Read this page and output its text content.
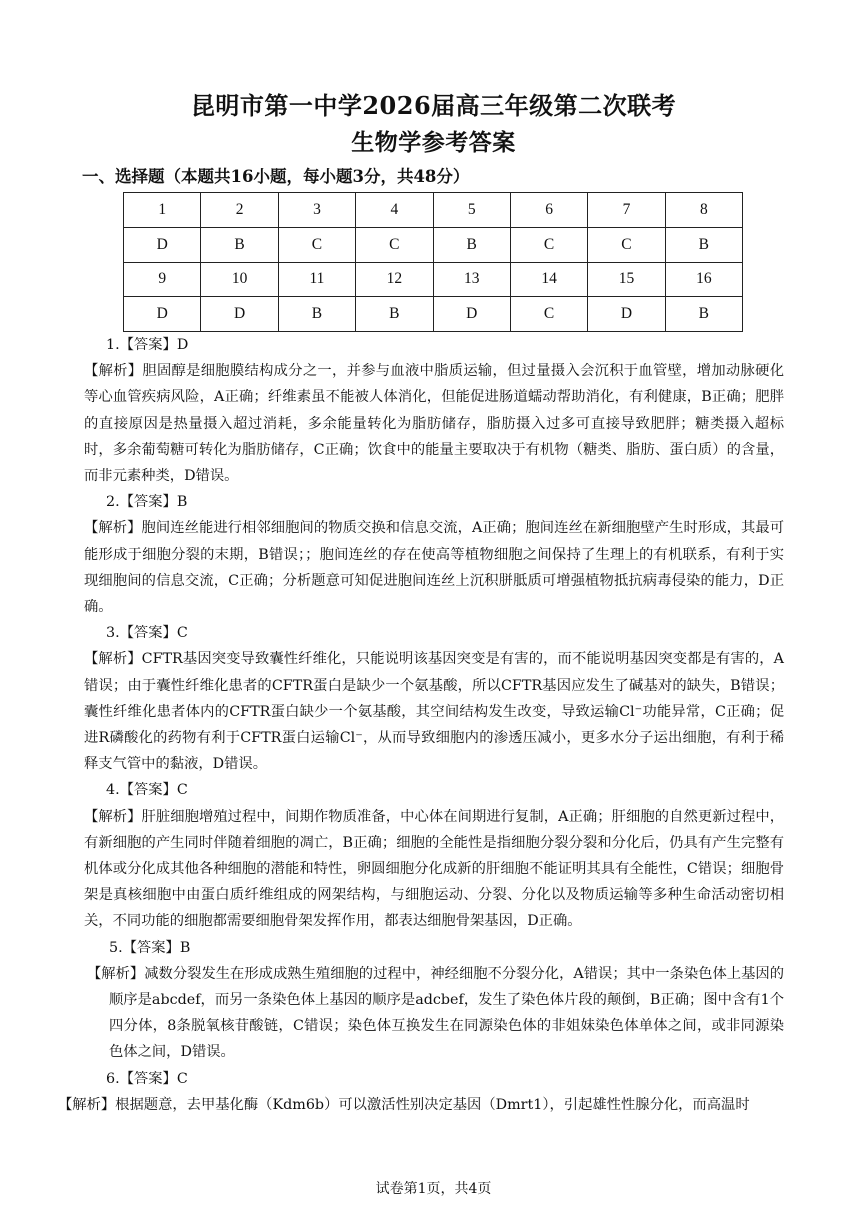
昆明市第一中学2026届高三年级第二次联考
生物学参考答案
一、选择题（本题共16小题，每小题3分，共48分）
1	2	3	4	5	6	7	8
D	B	C	C	B	C	C	B
9	10	11	12	13	14	15	16
D	D	B	B	D	C	D	B

1.【答案】D

【解析】胆固醇是细胞膜结构成分之一，并参与血液中脂质运输，但过量摄入会沉积于血管壁，增加动脉硬化等心血管疾病风险，A正确；纤维素虽不能被人体消化，但能促进肠道蠕动帮助消化，有利健康，B正确；肥胖的直接原因是热量摄入超过消耗，多余能量转化为脂肪储存，脂肪摄入过多可直接导致肥胖；糖类摄入超标时，多余葡萄糖可转化为脂肪储存，C正确；饮食中的能量主要取决于有机物（糖类、脂肪、蛋白质）的含量，而非元素种类，D错误。

2.【答案】B

【解析】胞间连丝能进行相邻细胞间的物质交换和信息交流，A正确；胞间连丝在新细胞壁产生时形成，其最可能形成于细胞分裂的末期，B错误；；胞间连丝的存在使高等植物细胞之间保持了生理上的有机联系，有利于实现细胞间的信息交流，C正确；分析题意可知促进胞间连丝上沉积胼胝质可增强植物抵抗病毒侵染的能力，D正确。

3.【答案】C

【解析】CFTR基因突变导致囊性纤维化，只能说明该基因突变是有害的，而不能说明基因突变都是有害的，A错误；由于囊性纤维化患者的CFTR蛋白是缺少一个氨基酸，所以CFTR基因应发生了碱基对的缺失，B错误；囊性纤维化患者体内的CFTR蛋白缺少一个氨基酸，其空间结构发生改变，导致运输Cl⁻功能异常，C正确；促进R磷酸化的药物有利于CFTR蛋白运输Cl⁻，从而导致细胞内的渗透压减小，更多水分子运出细胞，有利于稀释支气管中的黏液，D错误。

4.【答案】C

【解析】肝脏细胞增殖过程中，间期作物质准备，中心体在间期进行复制，A正确；肝细胞的自然更新过程中，有新细胞的产生同时伴随着细胞的凋亡，B正确；细胞的全能性是指细胞分裂分裂和分化后，仍具有产生完整有机体或分化成其他各种细胞的潜能和特性，卵圆细胞分化成新的肝细胞不能证明其具有全能性，C错误；细胞骨架是真核细胞中由蛋白质纤维组成的网架结构，与细胞运动、分裂、分化以及物质运输等多种生命活动密切相关，不同功能的细胞都需要细胞骨架发挥作用，都表达细胞骨架基因，D正确。

5.【答案】B

【解析】减数分裂发生在形成成熟生殖细胞的过程中，神经细胞不分裂分化，A错误；其中一条染色体上基因的顺序是abcdef，而另一条染色体上基因的顺序是adcbef，发生了染色体片段的颠倒，B正确；图中含有1个四分体，8条脱氧核苷酸链，C错误；染色体互换发生在同源染色体的非姐妹染色体单体之间，或非同源染色体之间，D错误。

6.【答案】C

【解析】根据题意，去甲基化酶（Kdm6b）可以激活性别决定基因（Dmrt1），引起雄性性腺分化，而高温时

试卷第1页，共4页
